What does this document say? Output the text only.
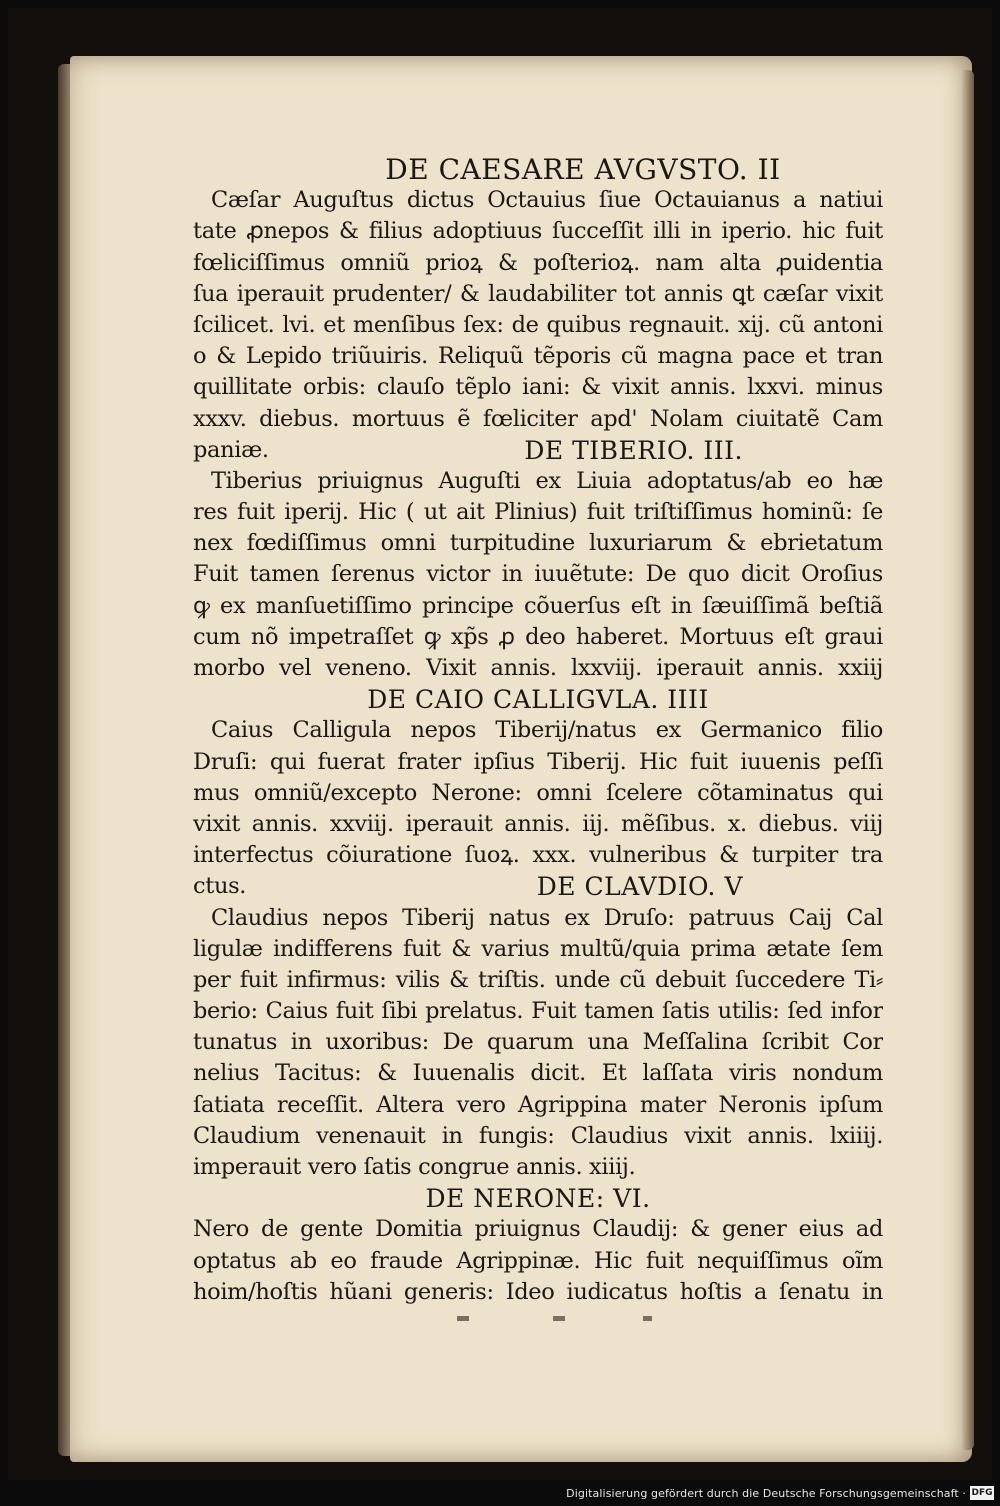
DE CAESARE AVGVSTO. II
Cæſar Auguſtus dictus Octauius ſiue Octauianus a natiui
tate ꝓnepos & filius adoptiuus ſucceſſit illi in iperio. hic fuit
fœliciſſimus omniũ prioꝝ & poſterioꝝ. nam alta ꝓuidentia
ſua iperauit prudenter/ & laudabiliter tot annis ꝗt cæſar vixit
ſcilicet. lvi. et menſibus ſex: de quibus regnauit. xij. cũ antoni
o & Lepido triũuiris. Reliquũ tẽporis cũ magna pace et tran
quillitate orbis: clauſo tẽplo iani: & vixit annis. lxxvi. minus
xxxv. diebus. mortuus ẽ fœliciter apd' Nolam ciuitatẽ Cam
paniæ.	DE TIBERIO. III.
Tiberius priuignus Auguſti ex Liuia adoptatus/ab eo hæ
res fuit iperij. Hic ( ut ait Plinius) fuit triſtiſſimus hominũ: ſe
nex fœdiſſimus omni turpitudine luxuriarum & ebrietatum
Fuit tamen ſerenus victor in iuuẽtute: De quo dicit Oroſius
ꝙ ex manſuetiſſimo principe cõuerſus eſt in ſæuiſſimã beſtiã
cum nõ impetraſſet ꝙ xp̃s ꝓ deo haberet. Mortuus eſt graui
morbo vel veneno. Vixit annis. lxxviij. iperauit annis. xxiij
DE CAIO CALLIGVLA. IIII
Caius Calligula nepos Tiberij/natus ex Germanico filio
Druſi: qui fuerat frater ipſius Tiberij. Hic fuit iuuenis peſſi
mus omniũ/excepto Nerone: omni ſcelere cõtaminatus qui
vixit annis. xxviij. iperauit annis. iij. mẽſibus. x. diebus. viij
interfectus cõiuratione ſuoꝝ. xxx. vulneribus & turpiter tra
ctus.	DE CLAVDIO. V
Claudius nepos Tiberij natus ex Druſo: patruus Caij Cal
ligulæ indifferens fuit & varius multũ/quia prima ætate ſem
per fuit infirmus: vilis & triſtis. unde cũ debuit ſuccedere Ti⸗
berio: Caius fuit ſibi prelatus. Fuit tamen ſatis utilis: ſed infor
tunatus in uxoribus: De quarum una Meſſalina ſcribit Cor
nelius Tacitus: & Iuuenalis dicit. Et laſſata viris nondum
ſatiata receſſit. Altera vero Agrippina mater Neronis ipſum
Claudium venenauit in fungis: Claudius vixit annis. lxiiij.
imperauit vero ſatis congrue annis. xiiij.
DE NERONE: VI.
Nero de gente Domitia priuignus Claudij: & gener eius ad
optatus ab eo fraude Agrippinæ. Hic fuit nequiſſimus oĩm
hoim/hoſtis hũani generis: Ideo iudicatus hoſtis a ſenatu in
Digitalisierung gefördert durch die Deutsche Forschungsgemeinschaft · DFG
